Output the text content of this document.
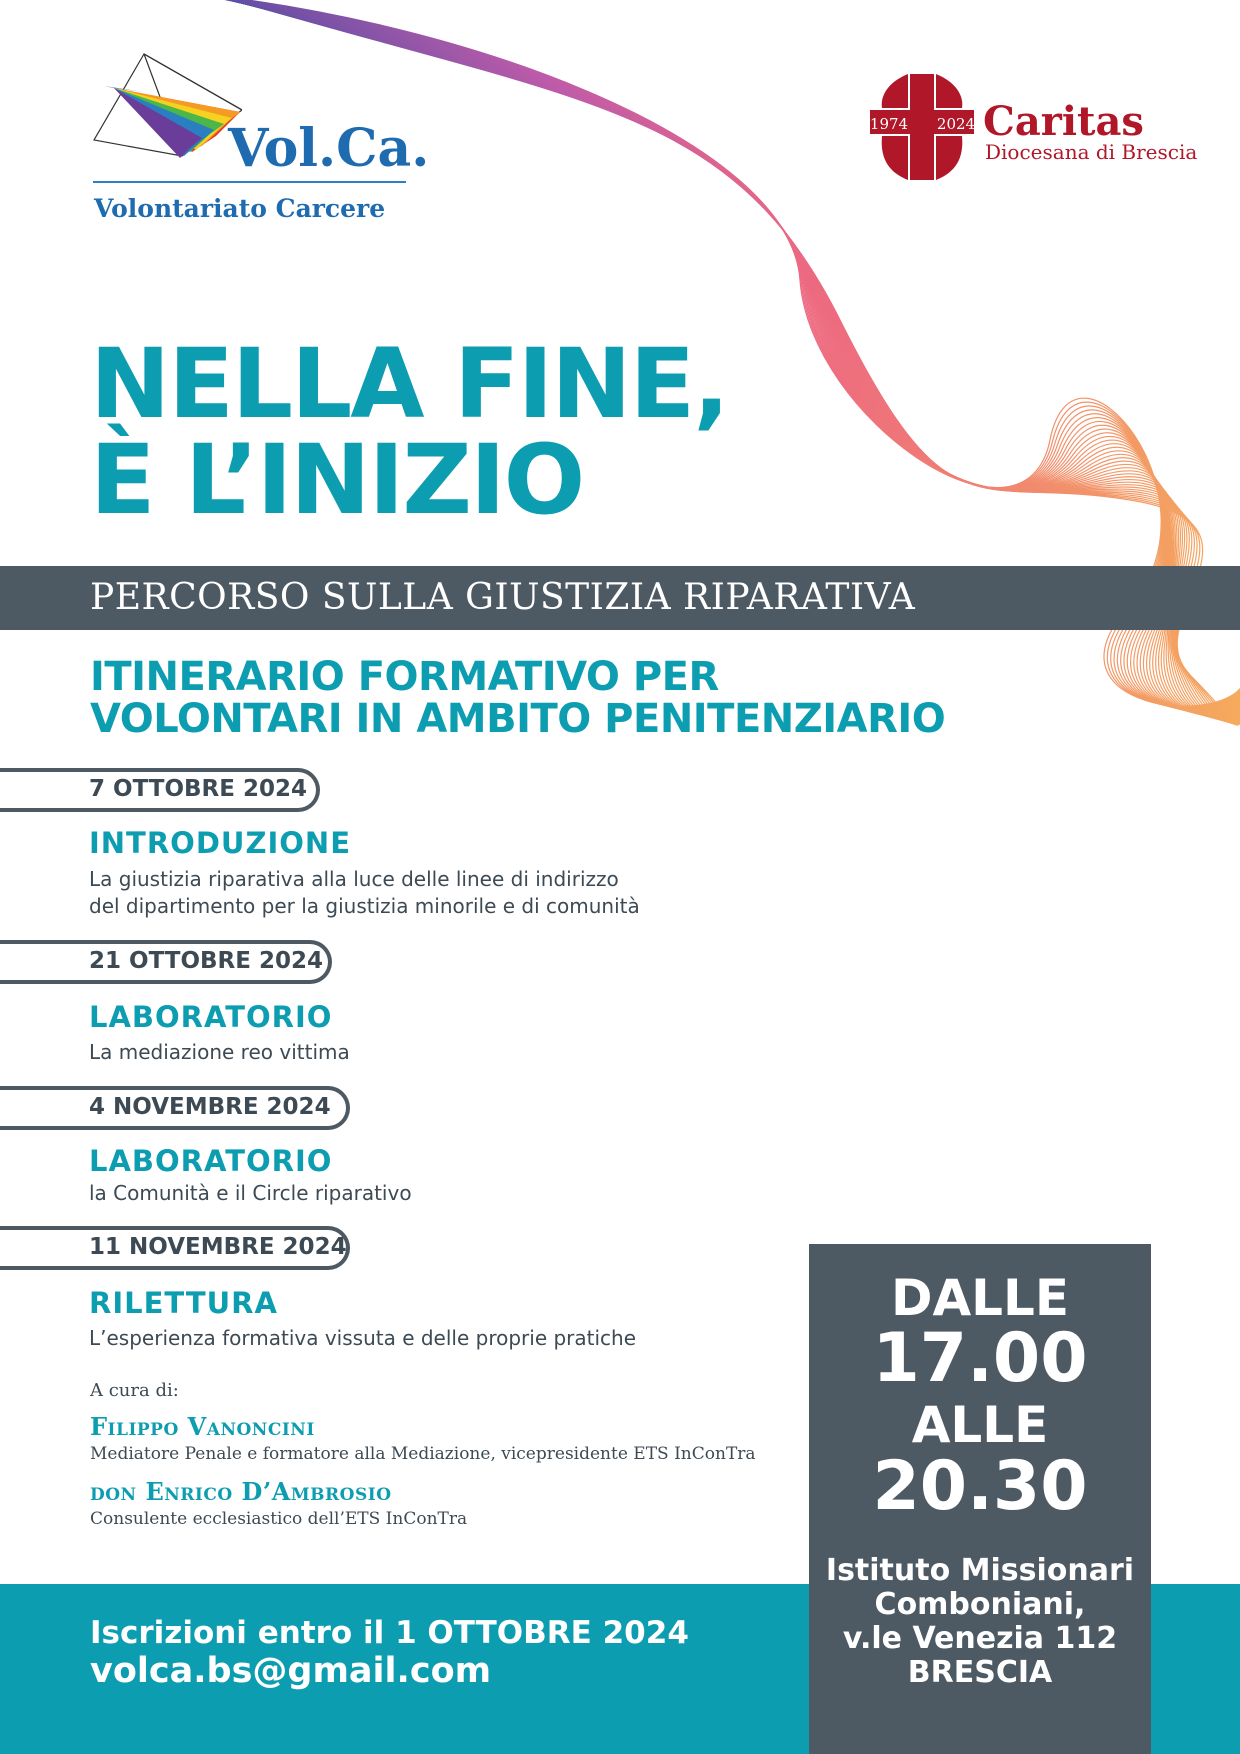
Vol.Ca.
Volontariato Carcere
1974 2024 Caritas
Diocesana di Brescia
NELLA FINE,
È L’INIZIO
PERCORSO SULLA GIUSTIZIA RIPARATIVA
ITINERARIO FORMATIVO PER
VOLONTARI IN AMBITO PENITENZIARIO
7 OTTOBRE 2024
INTRODUZIONE
La giustizia riparativa alla luce delle linee di indirizzo
del dipartimento per la giustizia minorile e di comunità
21 OTTOBRE 2024
LABORATORIO
La mediazione reo vittima
4 NOVEMBRE 2024
LABORATORIO
la Comunità e il Circle riparativo
11 NOVEMBRE 2024
RILETTURA
L’esperienza formativa vissuta e delle proprie pratiche
A cura di:
Filippo Vanoncini
Mediatore Penale e formatore alla Mediazione, vicepresidente ETS InConTra
don Enrico D’Ambrosio
Consulente ecclesiastico dell’ETS InConTra
Iscrizioni entro il 1 OTTOBRE 2024
volca.bs@gmail.com
DALLE
17.00
ALLE
20.30
Istituto Missionari
Comboniani,
v.le Venezia 112
BRESCIA
